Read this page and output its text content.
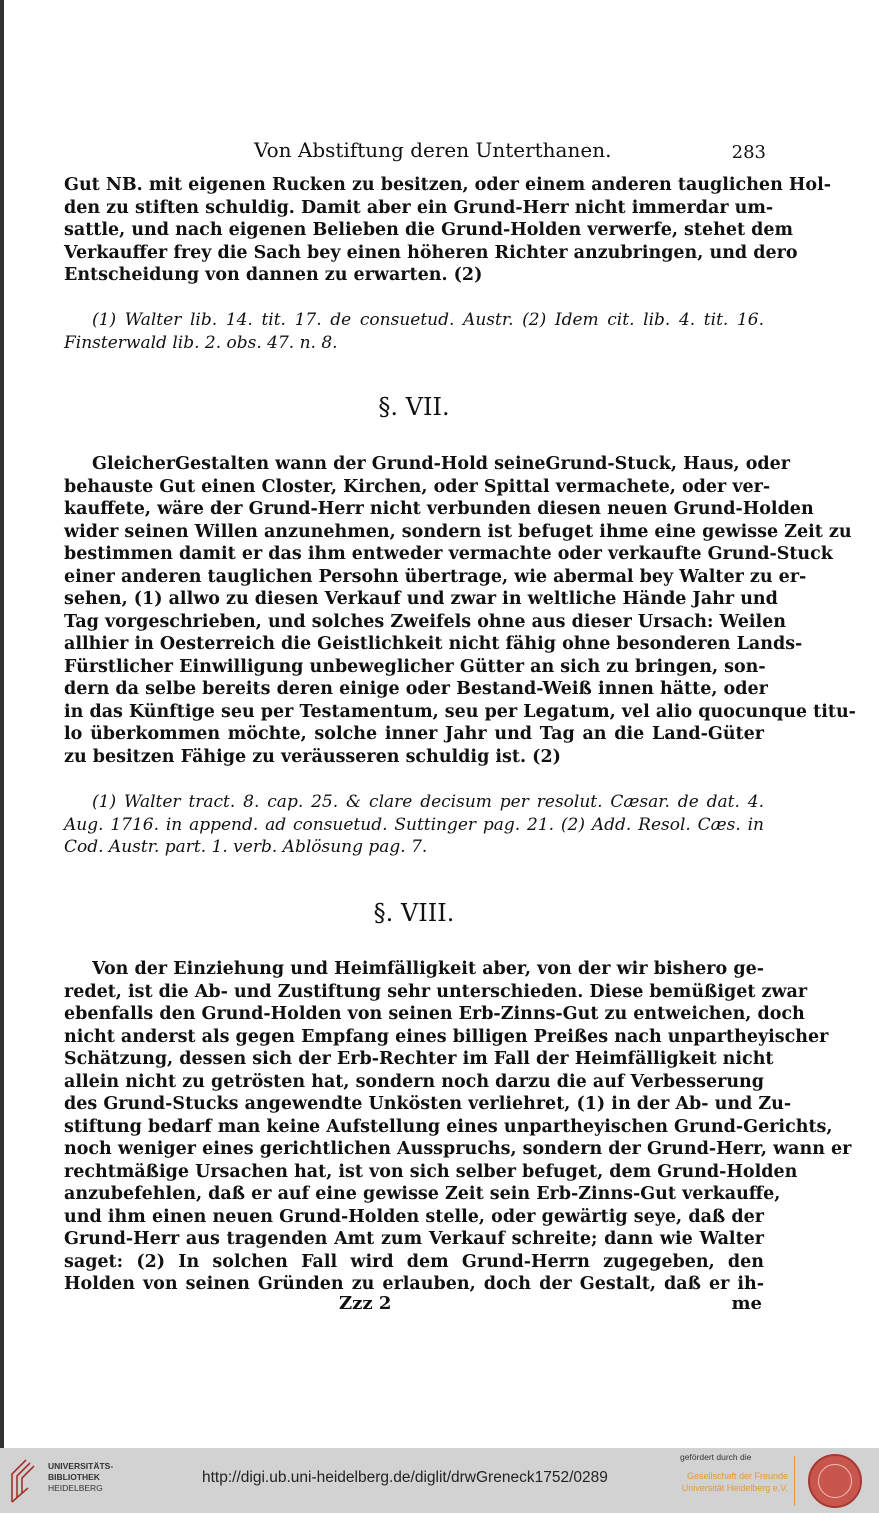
Von Abstiftung deren Unterthanen.	283
Gut NB. mit eigenen Rucken zu besitzen, oder einem anderen tauglichen Hol-
den zu stiften schuldig. Damit aber ein Grund-Herr nicht immerdar um-
sattle, und nach eigenen Belieben die Grund-Holden verwerfe, stehet dem
Verkauffer frey die Sach bey einen höheren Richter anzubringen, und dero
Entscheidung von dannen zu erwarten. (2)
(1) Walter lib. 14. tit. 17. de consuetud. Austr. (2) Idem cit. lib. 4. tit. 16.
Finsterwald lib. 2. obs. 47. n. 8.
§. VII.
GleicherGestalten wann der Grund-Hold seineGrund-Stuck, Haus, oder
behauste Gut einen Closter, Kirchen, oder Spittal vermachete, oder ver-
kauffete, wäre der Grund-Herr nicht verbunden diesen neuen Grund-Holden
wider seinen Willen anzunehmen, sondern ist befuget ihme eine gewisse Zeit zu
bestimmen damit er das ihm entweder vermachte oder verkaufte Grund-Stuck
einer anderen tauglichen Persohn übertrage, wie abermal bey Walter zu er-
sehen, (1) allwo zu diesen Verkauf und zwar in weltliche Hände Jahr und
Tag vorgeschrieben, und solches Zweifels ohne aus dieser Ursach: Weilen
allhier in Oesterreich die Geistlichkeit nicht fähig ohne besonderen Lands-
Fürstlicher Einwilligung unbeweglicher Gütter an sich zu bringen, son-
dern da selbe bereits deren einige oder Bestand-Weiß innen hätte, oder
in das Künftige seu per Testamentum, seu per Legatum, vel alio quocunque titu-
lo überkommen möchte, solche inner Jahr und Tag an die Land-Güter
zu besitzen Fähige zu veräusseren schuldig ist. (2)
(1) Walter tract. 8. cap. 25. & clare decisum per resolut. Cæsar. de dat. 4.
Aug. 1716. in append. ad consuetud. Suttinger pag. 21. (2) Add. Resol. Cæs. in
Cod. Austr. part. 1. verb. Ablösung pag. 7.
§. VIII.
Von der Einziehung und Heimfälligkeit aber, von der wir bishero ge-
redet, ist die Ab- und Zustiftung sehr unterschieden. Diese bemüßiget zwar
ebenfalls den Grund-Holden von seinen Erb-Zinns-Gut zu entweichen, doch
nicht anderst als gegen Empfang eines billigen Preißes nach unpartheyischer
Schätzung, dessen sich der Erb-Rechter im Fall der Heimfälligkeit nicht
allein nicht zu getrösten hat, sondern noch darzu die auf Verbesserung
des Grund-Stucks angewendte Unkösten verliehret, (1) in der Ab- und Zu-
stiftung bedarf man keine Aufstellung eines unpartheyischen Grund-Gerichts,
noch weniger eines gerichtlichen Ausspruchs, sondern der Grund-Herr, wann er
rechtmäßige Ursachen hat, ist von sich selber befuget, dem Grund-Holden
anzubefehlen, daß er auf eine gewisse Zeit sein Erb-Zinns-Gut verkauffe,
und ihm einen neuen Grund-Holden stelle, oder gewärtig seye, daß der
Grund-Herr aus tragenden Amt zum Verkauf schreite; dann wie Walter
saget: (2) In solchen Fall wird dem Grund-Herrn zugegeben, den
Holden von seinen Gründen zu erlauben, doch der Gestalt, daß er ih-
Zzz 2	me
UNIVERSITÄTS-
BIBLIOTHEK
HEIDELBERG
http://digi.ub.uni-heidelberg.de/diglit/drwGreneck1752/0289
gefördert durch die
Gesellschaft der Freunde
Universität Heidelberg e.V.
